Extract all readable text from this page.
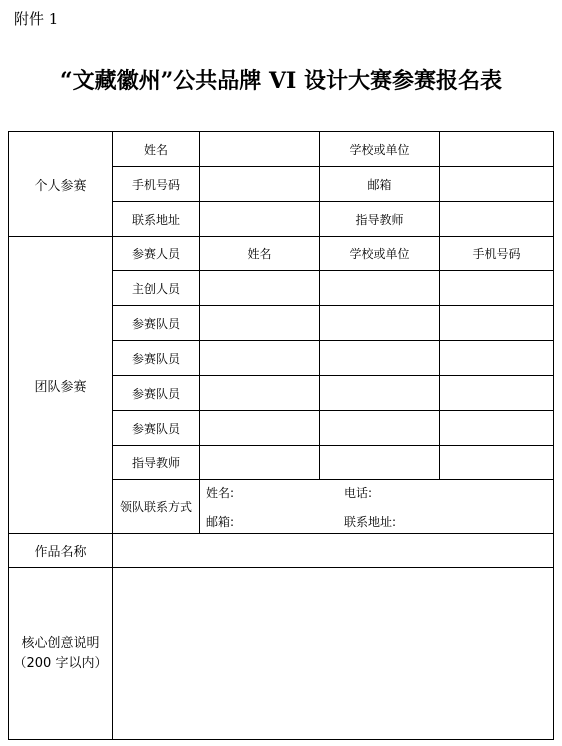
附件 1
“文藏徽州”公共品牌 VI 设计大赛参赛报名表
个人参赛	姓名		学校或单位	
	手机号码		邮箱	
	联系地址		指导教师	
团队参赛	参赛人员	姓名	学校或单位	手机号码
	主创人员			
	参赛队员			
	参赛队员			
	参赛队员			
	参赛队员			
	指导教师			
	领队联系方式	姓名: 电话:
邮箱: 联系地址:		

作品名称				

核心创意说明
（200 字以内）				
